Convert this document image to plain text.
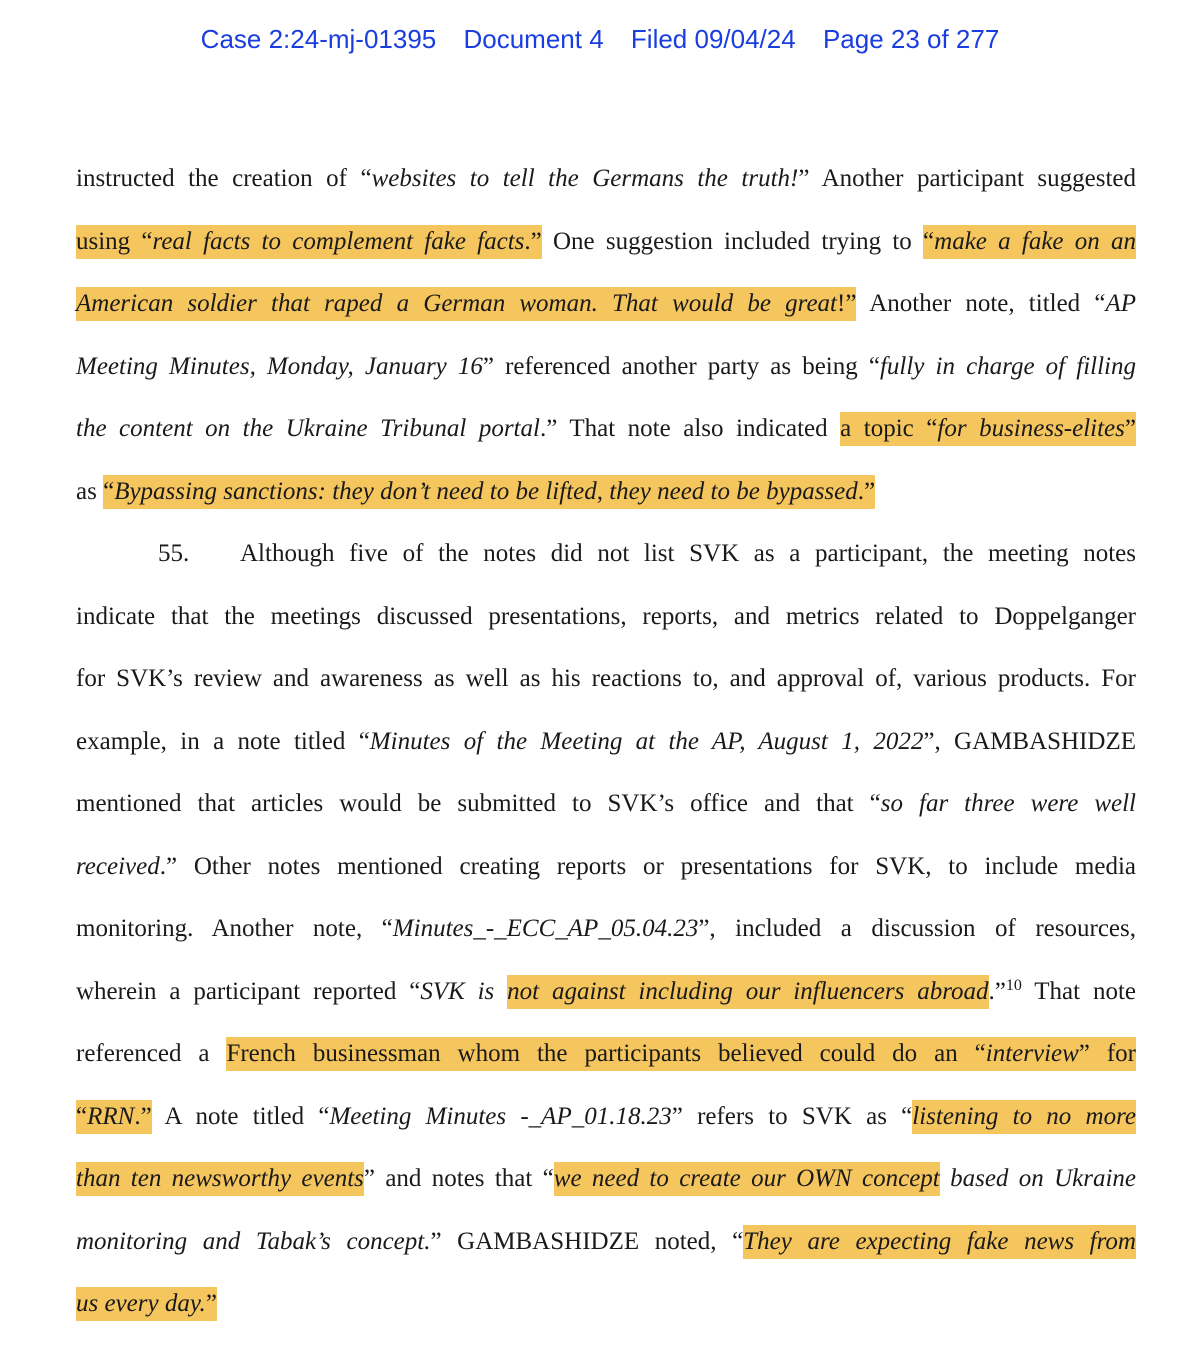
Case 2:24-mj-01395 Document 4 Filed 09/04/24 Page 23 of 277
instructed the creation of “websites to tell the Germans the truth!” Another participant suggested
using “real facts to complement fake facts.” One suggestion included trying to “make a fake on an
American soldier that raped a German woman. That would be great!” Another note, titled “AP
Meeting Minutes, Monday, January 16” referenced another party as being “fully in charge of filling
the content on the Ukraine Tribunal portal.” That note also indicated a topic “for business-elites”
as “Bypassing sanctions: they don’t need to be lifted, they need to be bypassed.”
55. Although five of the notes did not list SVK as a participant, the meeting notes
indicate that the meetings discussed presentations, reports, and metrics related to Doppelganger
for SVK’s review and awareness as well as his reactions to, and approval of, various products. For
example, in a note titled “Minutes of the Meeting at the AP, August 1, 2022”, GAMBASHIDZE
mentioned that articles would be submitted to SVK’s office and that “so far three were well
received.” Other notes mentioned creating reports or presentations for SVK, to include media
monitoring. Another note, “Minutes_-_ECC_AP_05.04.23”, included a discussion of resources,
wherein a participant reported “SVK is not against including our influencers abroad.”$^{10}$ That note
referenced a French businessman whom the participants believed could do an “interview” for
“RRN.” A note titled “Meeting Minutes -_AP_01.18.23” refers to SVK as “listening to no more
than ten newsworthy events” and notes that “we need to create our OWN concept based on Ukraine
monitoring and Tabak’s concept.” GAMBASHIDZE noted, “They are expecting fake news from
us every day.”
